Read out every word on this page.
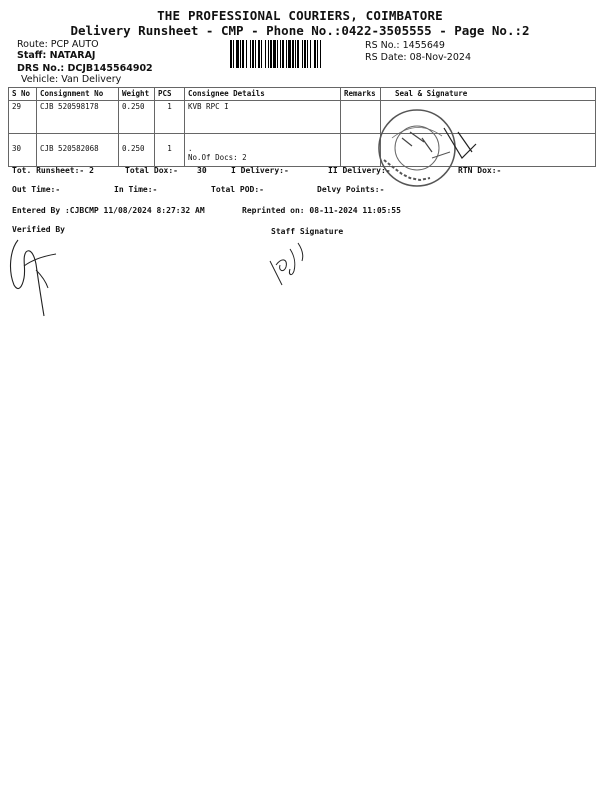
THE PROFESSIONAL COURIERS, COIMBATORE
Delivery Runsheet - CMP - Phone No.:0422-3505555 - Page No.:2
Route: PCP AUTO
Staff: NATARAJ
DRS No.: DCJB145564902
Vehicle: Van Delivery
RS No.: 1455649
RS Date: 08-Nov-2024
S No	Consignment No	Weight	PCS	Consignee Details	Remarks	Seal & Signature
29	CJB 520598178	0.250	1	KVB RPC I		

30	CJB 520582068	0.250	1	.
No.Of Docs: 2		

Tot. Runsheet:- 2	Total Dox:- 30	I Delivery:-	II Delivery:-	RTN Dox:-
Out Time:-	In Time:-	Total POD:-	Delvy Points:-
Entered By :CJBCMP 11/08/2024 8:27:32 AM	Reprinted on: 08-11-2024 11:05:55
Verified By	Staff Signature
